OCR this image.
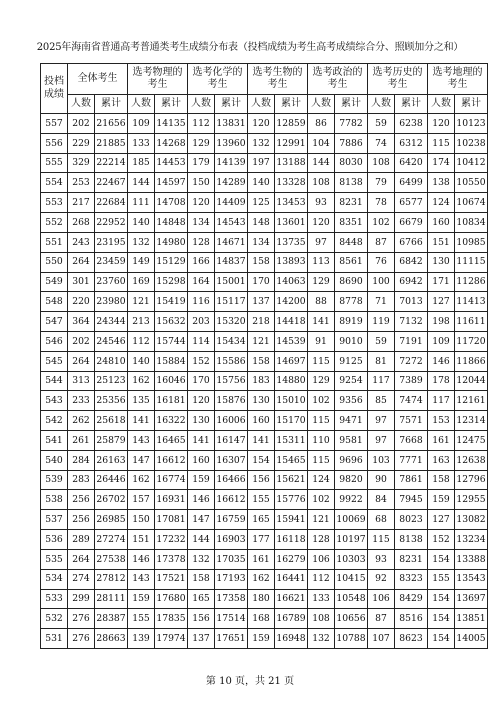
2025年海南省普通高考普通类考生成绩分布表（投档成绩为考生高考成绩综合分、照顾加分之和）
投档成绩	全体考生		选考物理的考生		选考化学的考生		选考生物的考生		选考政治的考生		选考历史的考生		选考地理的考生	
	人数	累计	人数	累计	人数	累计	人数	累计	人数	累计	人数	累计	人数	累计
557	202	21656	109	14135	112	13831	120	12859	86	7782	59	6238	120	10123
556	229	21885	133	14268	129	13960	132	12991	104	7886	74	6312	115	10238
555	329	22214	185	14453	179	14139	197	13188	144	8030	108	6420	174	10412
554	253	22467	144	14597	150	14289	140	13328	108	8138	79	6499	138	10550
553	217	22684	111	14708	120	14409	125	13453	93	8231	78	6577	124	10674
552	268	22952	140	14848	134	14543	148	13601	120	8351	102	6679	160	10834
551	243	23195	132	14980	128	14671	134	13735	97	8448	87	6766	151	10985
550	264	23459	149	15129	166	14837	158	13893	113	8561	76	6842	130	11115
549	301	23760	169	15298	164	15001	170	14063	129	8690	100	6942	171	11286
548	220	23980	121	15419	116	15117	137	14200	88	8778	71	7013	127	11413
547	364	24344	213	15632	203	15320	218	14418	141	8919	119	7132	198	11611
546	202	24546	112	15744	114	15434	121	14539	91	9010	59	7191	109	11720
545	264	24810	140	15884	152	15586	158	14697	115	9125	81	7272	146	11866
544	313	25123	162	16046	170	15756	183	14880	129	9254	117	7389	178	12044
543	233	25356	135	16181	120	15876	130	15010	102	9356	85	7474	117	12161
542	262	25618	141	16322	130	16006	160	15170	115	9471	97	7571	153	12314
541	261	25879	143	16465	141	16147	141	15311	110	9581	97	7668	161	12475
540	284	26163	147	16612	160	16307	154	15465	115	9696	103	7771	163	12638
539	283	26446	162	16774	159	16466	156	15621	124	9820	90	7861	158	12796
538	256	26702	157	16931	146	16612	155	15776	102	9922	84	7945	159	12955
537	256	26985	150	17081	147	16759	165	15941	121	10069	68	8023	127	13082
536	289	27274	151	17232	144	16903	177	16118	128	10197	115	8138	152	13234
535	264	27538	146	17378	132	17035	161	16279	106	10303	93	8231	154	13388
534	274	27812	143	17521	158	17193	162	16441	112	10415	92	8323	155	13543
533	299	28111	159	17680	165	17358	180	16621	133	10548	106	8429	154	13697
532	276	28387	155	17835	156	17514	168	16789	108	10656	87	8516	154	13851
531	276	28663	139	17974	137	17651	159	16948	132	10788	107	8623	154	14005
第 10 页，共 21 页
